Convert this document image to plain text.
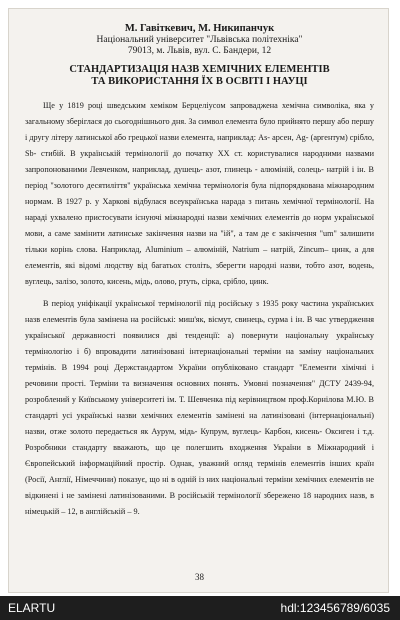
М. Гавіткевич, М. Никипанчук
Національний університет "Львівська політехніка"
79013, м. Львів, вул. С. Бандери, 12
СТАНДАРТИЗАЦІЯ НАЗВ ХЕМІЧНИХ ЕЛЕМЕНТІВ
ТА ВИКОРИСТАННЯ ЇХ В ОСВІТІ І НАУЦІ

Ще у 1819 році шведським хеміком Берцеліусом запроваджена хемічна символіка, яка у загальному зберіглася до сьогоднішнього дня. За символ елемента було прийнято першу або першу і другу літеру латинської або грецької назви елемента, наприклад: As- арсен, Ag- (аргентум) срібло, Sb- стибій. В українській термінології до початку XX ст. користувалися народними назвами запропонованими Левченком, наприклад, душець- азот, глинець - алюміній, солець- натрій і ін. В період "золотого десятиліття" українська хемічна термінологія була підпорядкована міжнародним нормам. В 1927 р. у Харкові відбулася всеукраїнська нарада з питань хемічної термінології. На нараді ухвалено пристосувати існуючі міжнародні назви хемічних елементів до норм української мови, а саме замінити латинське закінчення назви на "ій", а там де є закінчення "um" залишити тільки корінь слова. Наприклад, Aluminium – алюміній, Natrium – натрій, Zincum– цинк, а для елементів, які відомі людству від багатьох століть, зберегти народні назви, тобто азот, водень, вуглець, залізо, золото, кисень, мідь, олово, ртуть, сірка, срібло, цинк.

В період уніфікації української термінології під російську з 1935 року частина українських назв елементів була замінена на російські: миш'як, вісмут, свинець, сурма і ін. В час утвердження української державності появилися дві тенденції: а) повернути національну українську термінологію і б) впровадити латинізовані інтернаціональні терміни на заміну національних термінів. В 1994 році Держстандартом України опубліковано стандарт "Елементи хімічні і речовини прості. Терміни та визначення основних понять. Умовні позначення" ДСТУ 2439-94, розроблений у Київському університеті ім. Т. Шевченка під керівництвом проф.Корнілова М.Ю. В стандарті усі українські назви хемічних елементів замінені на латинізовані (інтернаціональні) назви, отже золото передається як Аурум, мідь- Купрум, вуглець- Карбон, кисень- Оксиген і т.д. Розробники стандарту вважають, що це полегшить входження України в Міжнародний і Європейський інформаційний простір. Однак, уважний огляд термінів елементів інших країн (Росії, Англії, Німеччини) показує, що ні в одній із них національні терміни хемічних елементів не відкинені і не замінені латинізованими. В російській термінології збережено 18 народних назв, в німецькій – 12, в англійській – 9.

38
ELARTU	hdl:123456789/6035
